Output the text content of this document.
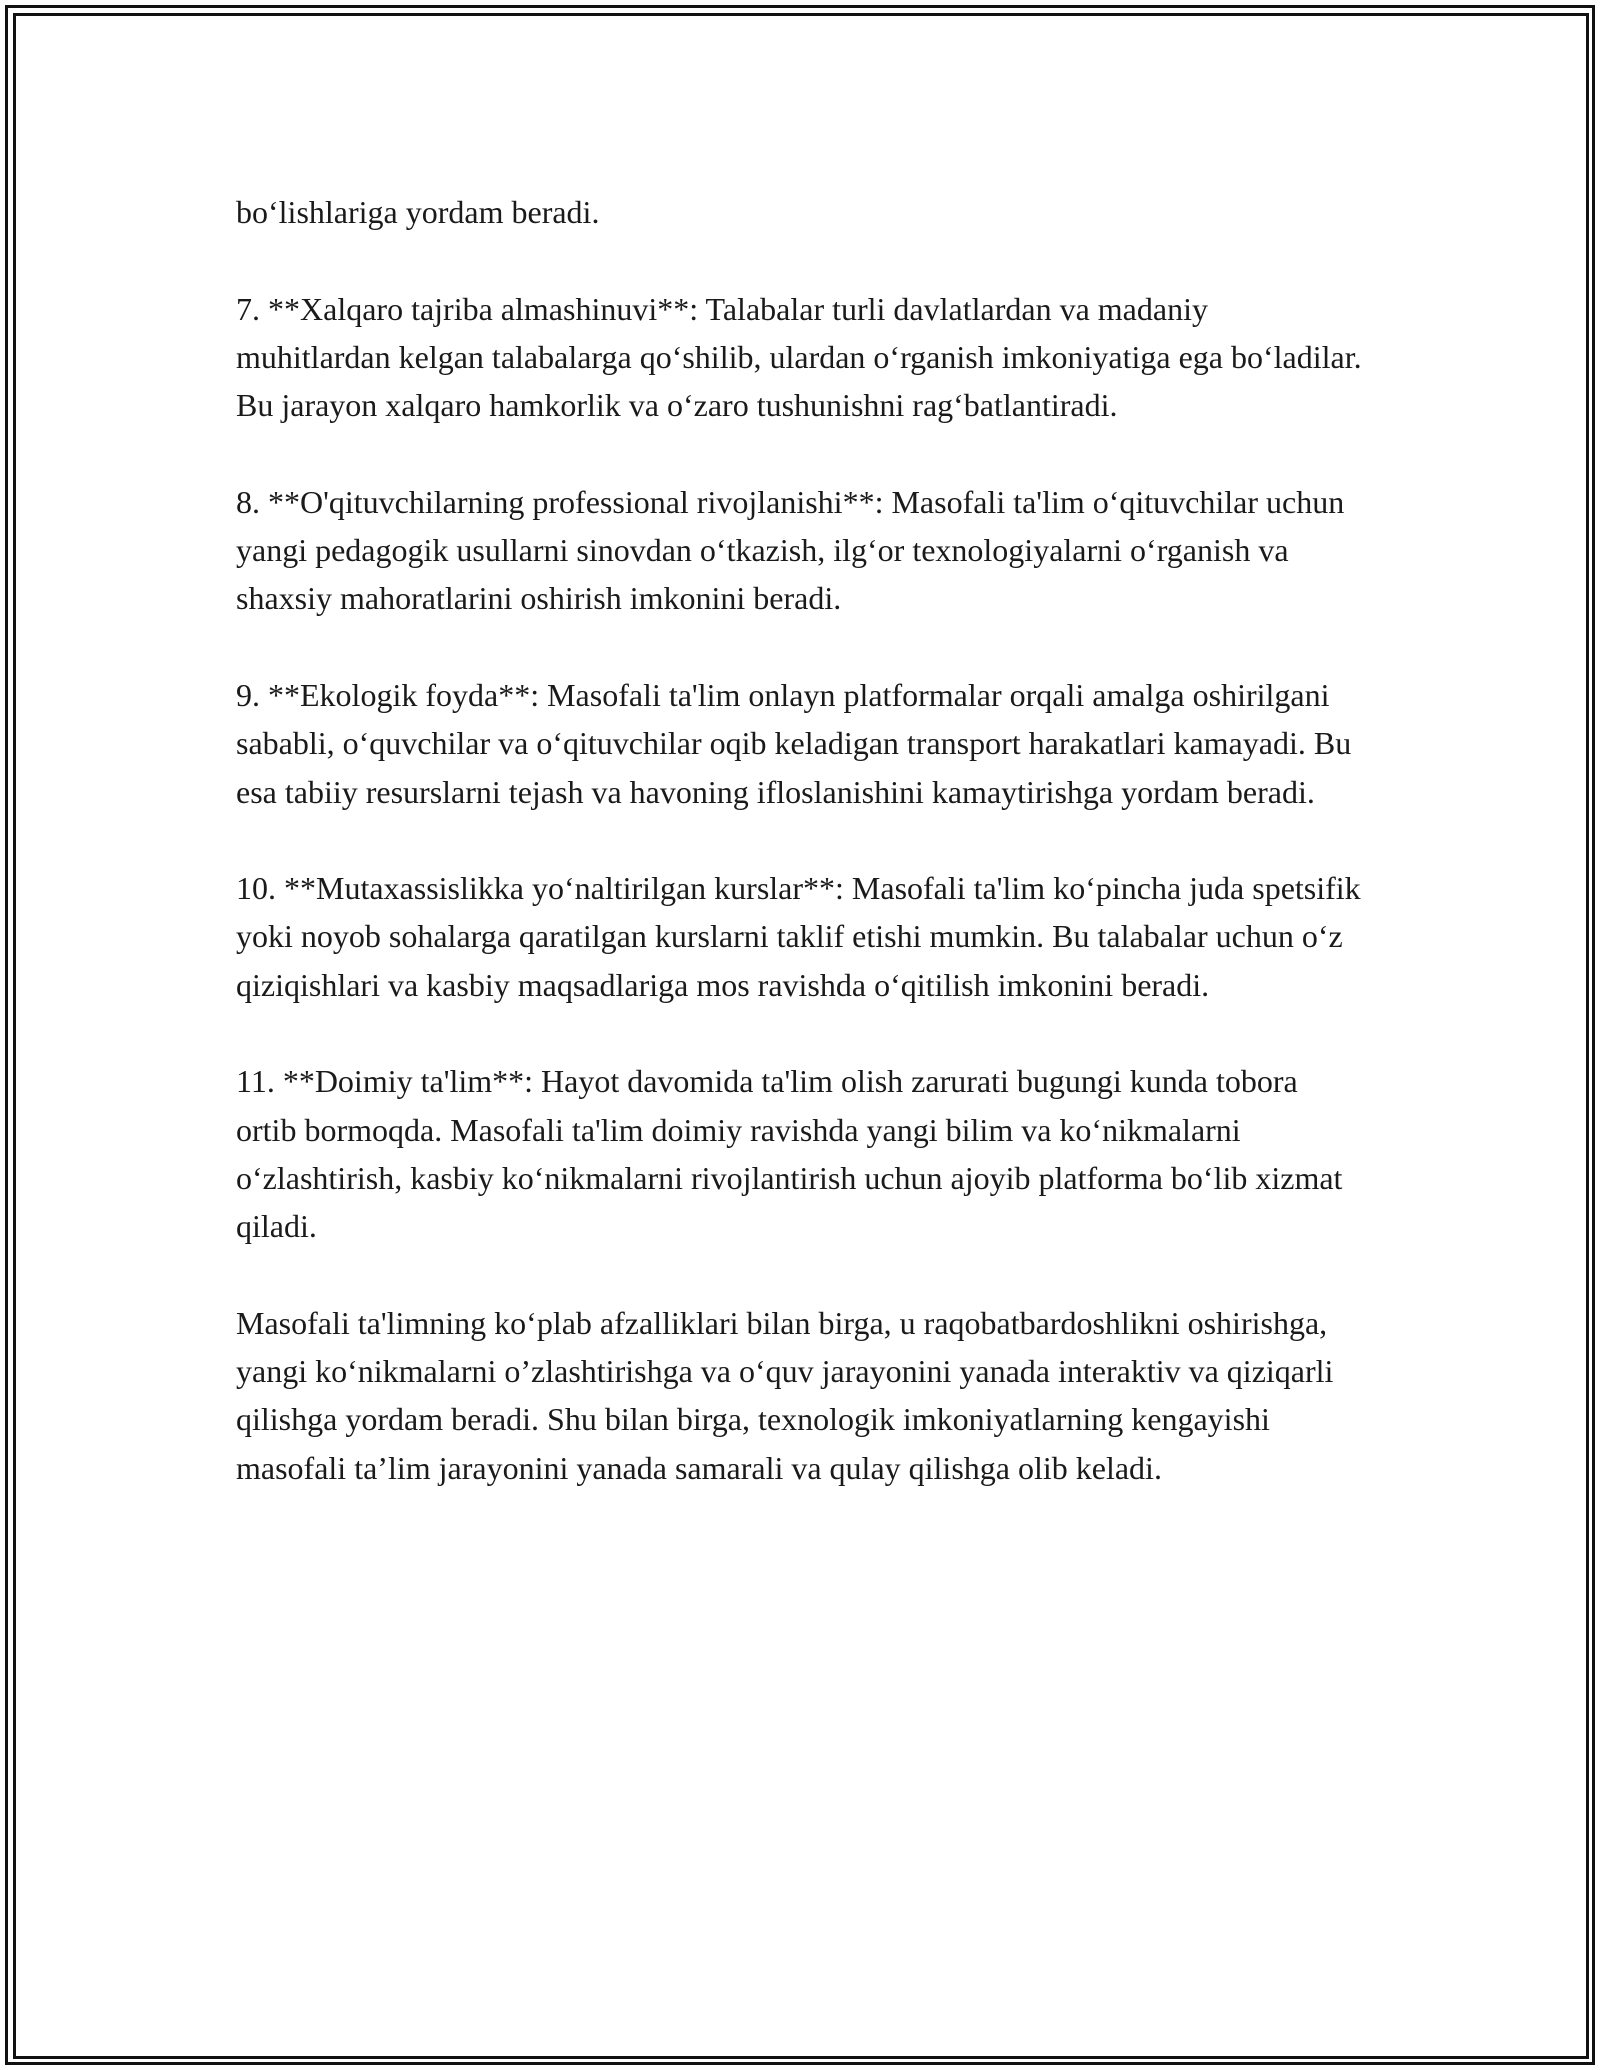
bo‘lishlariga yordam beradi.

7. **Xalqaro tajriba almashinuvi**: Talabalar turli davlatlardan va madaniy muhitlardan kelgan talabalarga qo‘shilib, ulardan o‘rganish imkoniyatiga ega bo‘ladilar. Bu jarayon xalqaro hamkorlik va o‘zaro tushunishni rag‘batlantiradi.

8. **O'qituvchilarning professional rivojlanishi**: Masofali ta'lim o‘qituvchilar uchun yangi pedagogik usullarni sinovdan o‘tkazish, ilg‘or texnologiyalarni o‘rganish va shaxsiy mahoratlarini oshirish imkonini beradi.

9. **Ekologik foyda**: Masofali ta'lim onlayn platformalar orqali amalga oshirilgani sababli, o‘quvchilar va o‘qituvchilar oqib keladigan transport harakatlari kamayadi. Bu esa tabiiy resurslarni tejash va havoning ifloslanishini kamaytirishga yordam beradi.

10. **Mutaxassislikka yo‘naltirilgan kurslar**: Masofali ta'lim ko‘pincha juda spetsifik yoki noyob sohalarga qaratilgan kurslarni taklif etishi mumkin. Bu talabalar uchun o‘z qiziqishlari va kasbiy maqsadlariga mos ravishda o‘qitilish imkonini beradi.

11. **Doimiy ta'lim**: Hayot davomida ta'lim olish zarurati bugungi kunda tobora ortib bormoqda. Masofali ta'lim doimiy ravishda yangi bilim va ko‘nikmalarni o‘zlashtirish, kasbiy ko‘nikmalarni rivojlantirish uchun ajoyib platforma bo‘lib xizmat qiladi.

Masofali ta'limning ko‘plab afzalliklari bilan birga, u raqobatbardoshlikni oshirishga, yangi ko‘nikmalarni o’zlashtirishga va o‘quv jarayonini yanada interaktiv va qiziqarli qilishga yordam beradi. Shu bilan birga, texnologik imkoniyatlarning kengayishi masofali ta’lim jarayonini yanada samarali va qulay qilishga olib keladi.
